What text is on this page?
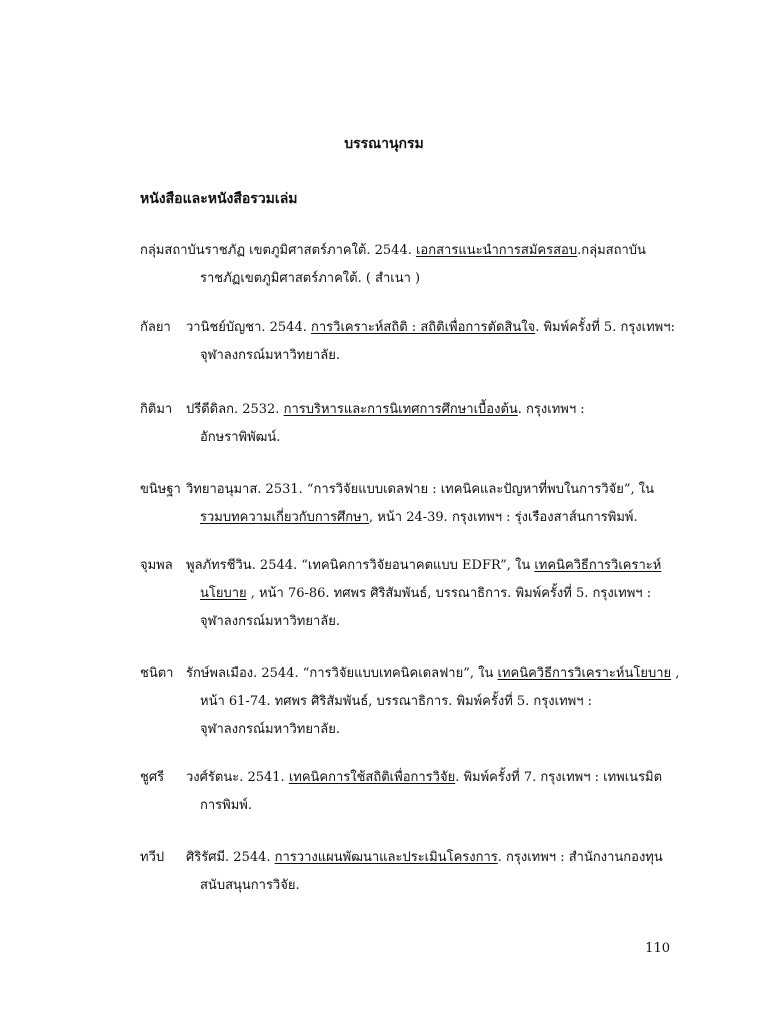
บรรณานุกรม
หนังสือและหนังสือรวมเล่ม
กลุ่มสถาบันราชภัฏ เขตภูมิศาสตร์ภาคใต้. 2544. เอกสารแนะนำการสมัครสอบ.กลุ่มสถาบัน
ราชภัฏเขตภูมิศาสตร์ภาคใต้. ( สำเนา )
กัลยา วานิชย์บัญชา. 2544. การวิเคราะห์สถิติ : สถิติเพื่อการตัดสินใจ. พิมพ์ครั้งที่ 5. กรุงเทพฯ:
จุฬาลงกรณ์มหาวิทยาลัย.
กิติมา ปรีดีดิลก. 2532. การบริหารและการนิเทศการศึกษาเบื้องต้น. กรุงเทพฯ :
อักษราพิพัฒน์.
ขนิษฐา วิทยาอนุมาส. 2531. “การวิจัยแบบเดลฟาย : เทคนิคและปัญหาที่พบในการวิจัย”, ใน
รวมบทความเกี่ยวกับการศึกษา, หน้า 24-39. กรุงเทพฯ : รุ่งเรืองสาส์นการพิมพ์.
จุมพล พูลภัทรชีวิน. 2544. “เทคนิคการวิจัยอนาคตแบบ EDFR”, ใน เทคนิควิธีการวิเคราะห์
นโยบาย , หน้า 76-86. ทศพร ศิริสัมพันธ์, บรรณาธิการ. พิมพ์ครั้งที่ 5. กรุงเทพฯ :
จุฬาลงกรณ์มหาวิทยาลัย.
ชนิตา รักษ์พลเมือง. 2544. “การวิจัยแบบเทคนิคเดลฟาย”, ใน เทคนิควิธีการวิเคราะห์นโยบาย ,
หน้า 61-74. ทศพร ศิริสัมพันธ์, บรรณาธิการ. พิมพ์ครั้งที่ 5. กรุงเทพฯ :
จุฬาลงกรณ์มหาวิทยาลัย.
ชูศรี วงศ์รัตนะ. 2541. เทคนิคการใช้สถิติเพื่อการวิจัย. พิมพ์ครั้งที่ 7. กรุงเทพฯ : เทพเนรมิต
การพิมพ์.
ทวีป ศิริรัศมี. 2544. การวางแผนพัฒนาและประเมินโครงการ. กรุงเทพฯ : สำนักงานกองทุน
สนับสนุนการวิจัย.
110
